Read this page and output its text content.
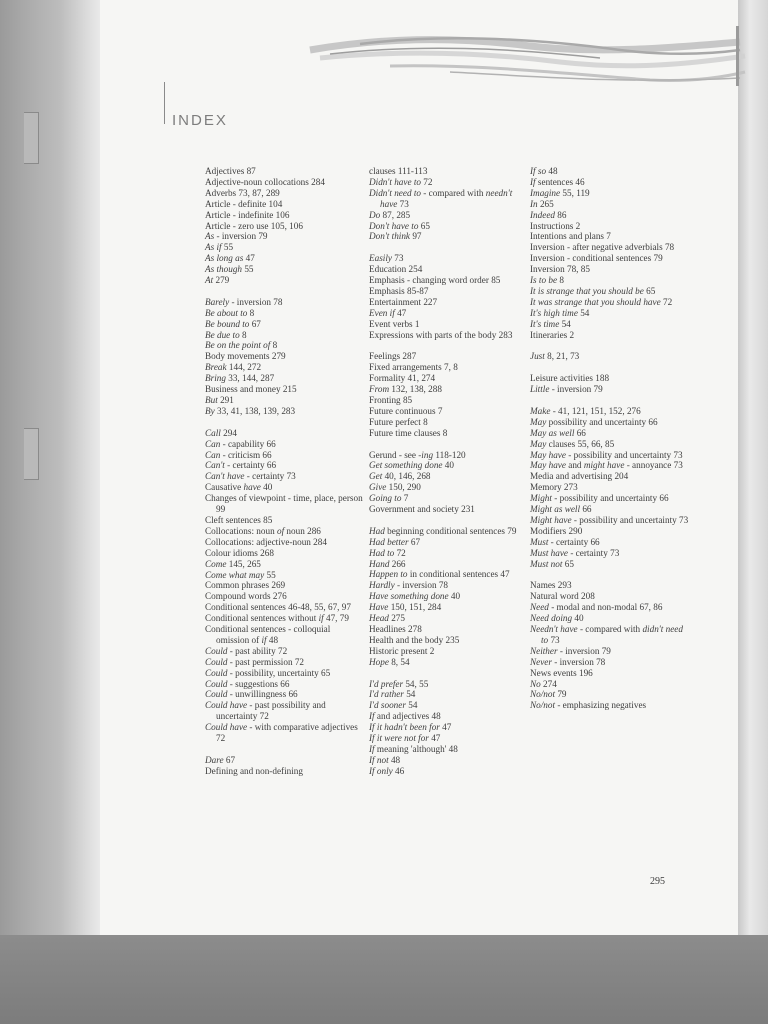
INDEX
Adjectives 87
Adjective-noun collocations 284
Adverbs 73, 87, 289
Article - definite 104
Article - indefinite 106
Article - zero use 105, 106
As - inversion 79
As if 55
As long as 47
As though 55
At 279
Barely - inversion 78
Be about to 8
Be bound to 67
Be due to 8
Be on the point of 8
Body movements 279
Break 144, 272
Bring 33, 144, 287
Business and money 215
But 291
By 33, 41, 138, 139, 283
Call 294
Can - capability 66
Can - criticism 66
Can't - certainty 66
Can't have - certainty 73
Causative have 40
Changes of viewpoint - time, place, person 99
Cleft sentences 85
Collocations: noun of noun 286
Collocations: adjective-noun 284
Colour idioms 268
Come 145, 265
Come what may 55
Common phrases 269
Compound words 276
Conditional sentences 46-48, 55, 67, 97
Conditional sentences without if 47, 79
Conditional sentences - colloquial omission of if 48
Could - past ability 72
Could - past permission 72
Could - possibility, uncertainty 65
Could - suggestions 66
Could - unwillingness 66
Could have - past possibility and uncertainty 72
Could have - with comparative adjectives 72
Dare 67
Defining and non-defining
clauses 111-113
Didn't have to 72
Didn't need to - compared with needn't have 73
Do 87, 285
Don't have to 65
Don't think 97
Easily 73
Education 254
Emphasis - changing word order 85
Emphasis 85-87
Entertainment 227
Even if 47
Event verbs 1
Expressions with parts of the body 283
Feelings 287
Fixed arrangements 7, 8
Formality 41, 274
From 132, 138, 288
Fronting 85
Future continuous 7
Future perfect 8
Future time clauses 8
Gerund - see -ing 118-120
Get something done 40
Get 40, 146, 268
Give 150, 290
Going to 7
Government and society 231
Had beginning conditional sentences 79
Had better 67
Had to 72
Hand 266
Happen to in conditional sentences 47
Hardly - inversion 78
Have something done 40
Have 150, 151, 284
Head 275
Headlines 278
Health and the body 235
Historic present 2
Hope 8, 54
I'd prefer 54, 55
I'd rather 54
I'd sooner 54
If and adjectives 48
If it hadn't been for 47
If it were not for 47
If meaning 'although' 48
If not 48
If only 46
If so 48
If sentences 46
Imagine 55, 119
In 265
Indeed 86
Instructions 2
Intentions and plans 7
Inversion - after negative adverbials 78
Inversion - conditional sentences 79
Inversion 78, 85
Is to be 8
It is strange that you should be 65
It was strange that you should have 72
It's high time 54
It's time 54
Itineraries 2
Just 8, 21, 73
Leisure activities 188
Little - inversion 79
Make - 41, 121, 151, 152, 276
May possibility and uncertainty 66
May as well 66
May clauses 55, 66, 85
May have - possibility and uncertainty 73
May have and might have - annoyance 73
Media and advertising 204
Memory 273
Might - possibility and uncertainty 66
Might as well 66
Might have - possibility and uncertainty 73
Modifiers 290
Must - certainty 66
Must have - certainty 73
Must not 65
Names 293
Natural word 208
Need - modal and non-modal 67, 86
Need doing 40
Needn't have - compared with didn't need to 73
Neither - inversion 79
Never - inversion 78
News events 196
No 274
No/not 79
No/not - emphasizing negatives
295
